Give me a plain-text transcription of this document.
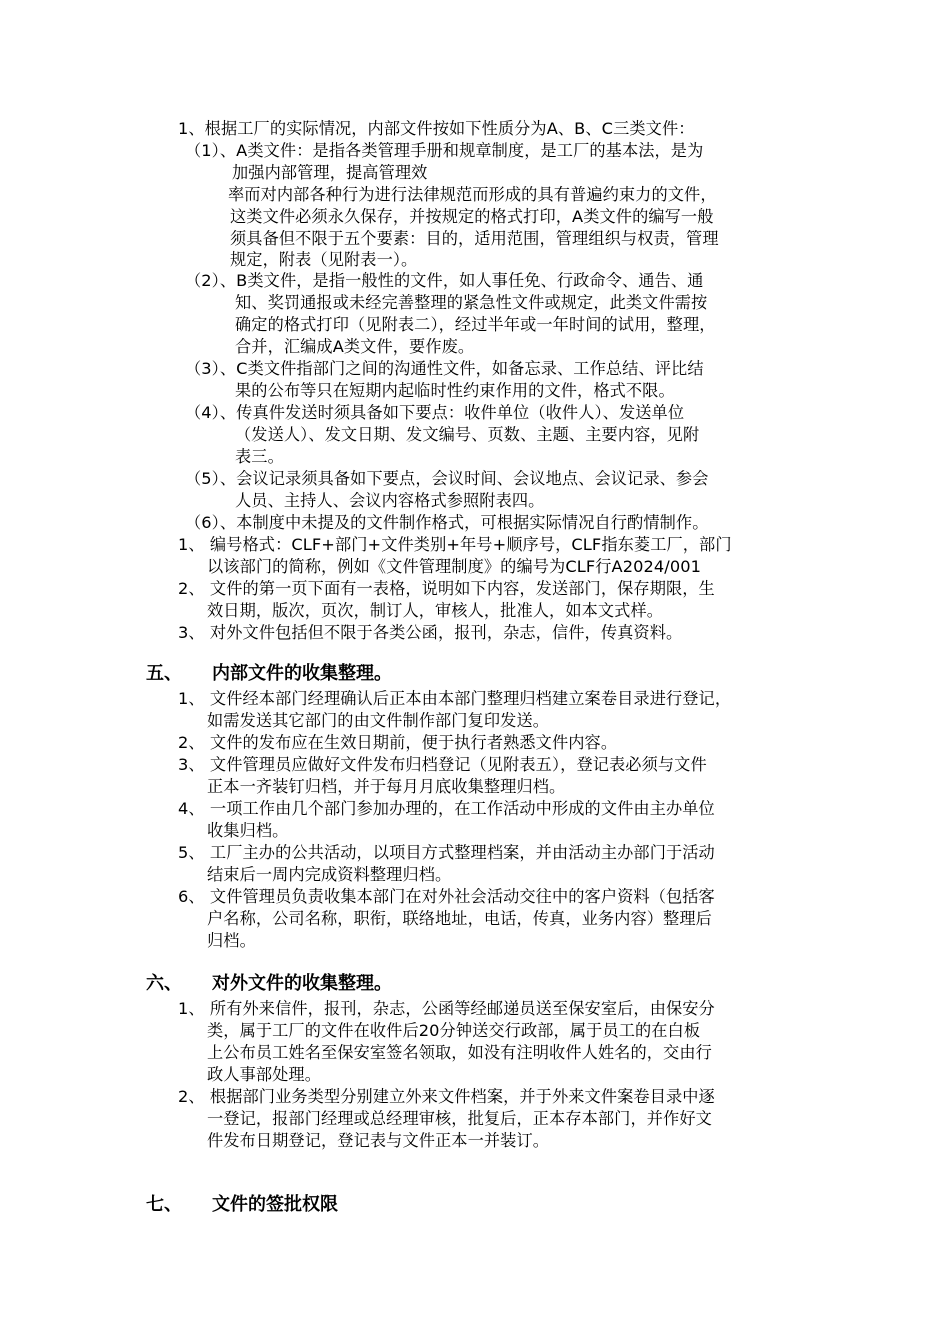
1、根据工厂的实际情况，内部文件按如下性质分为A、B、C三类文件：
（1）、A类文件：是指各类管理手册和规章制度，是工厂的基本法，是为
加强内部管理，提高管理效
率而对内部各种行为进行法律规范而形成的具有普遍约束力的文件，
这类文件必须永久保存，并按规定的格式打印，A类文件的编写一般
须具备但不限于五个要素：目的，适用范围，管理组织与权责，管理
规定，附表（见附表一）。
（2）、B类文件，是指一般性的文件，如人事任免、行政命令、通告、通
知、奖罚通报或未经完善整理的紧急性文件或规定，此类文件需按
确定的格式打印（见附表二），经过半年或一年时间的试用，整理，
合并，汇编成A类文件，要作废。
（3）、C类文件指部门之间的沟通性文件，如备忘录、工作总结、评比结
果的公布等只在短期内起临时性约束作用的文件，格式不限。
（4）、传真件发送时须具备如下要点：收件单位（收件人）、发送单位
（发送人）、发文日期、发文编号、页数、主题、主要内容，见附
表三。
（5）、会议记录须具备如下要点，会议时间、会议地点、会议记录、参会
人员、主持人、会议内容格式参照附表四。
（6）、本制度中未提及的文件制作格式，可根据实际情况自行酌情制作。
1、 编号格式：CLF+部门+文件类别+年号+顺序号，CLF指东菱工厂，部门
以该部门的简称，例如《文件管理制度》的编号为CLF行A2024/001
2、 文件的第一页下面有一表格，说明如下内容，发送部门，保存期限，生
效日期，版次，页次，制订人，审核人，批准人，如本文式样。
3、 对外文件包括但不限于各类公函，报刊，杂志，信件，传真资料。
五、 内部文件的收集整理。
1、 文件经本部门经理确认后正本由本部门整理归档建立案卷目录进行登记，
如需发送其它部门的由文件制作部门复印发送。
2、 文件的发布应在生效日期前，便于执行者熟悉文件内容。
3、 文件管理员应做好文件发布归档登记（见附表五），登记表必须与文件
正本一齐装钉归档，并于每月月底收集整理归档。
4、 一项工作由几个部门参加办理的，在工作活动中形成的文件由主办单位
收集归档。
5、 工厂主办的公共活动，以项目方式整理档案，并由活动主办部门于活动
结束后一周内完成资料整理归档。
6、 文件管理员负责收集本部门在对外社会活动交往中的客户资料（包括客
户名称，公司名称，职衔，联络地址，电话，传真，业务内容）整理后
归档。
六、 对外文件的收集整理。
1、 所有外来信件，报刊，杂志，公函等经邮递员送至保安室后，由保安分
类，属于工厂的文件在收件后20分钟送交行政部，属于员工的在白板
上公布员工姓名至保安室签名领取，如没有注明收件人姓名的，交由行
政人事部处理。
2、 根据部门业务类型分别建立外来文件档案，并于外来文件案卷目录中逐
一登记，报部门经理或总经理审核，批复后，正本存本部门，并作好文
件发布日期登记，登记表与文件正本一并装订。
七、 文件的签批权限
